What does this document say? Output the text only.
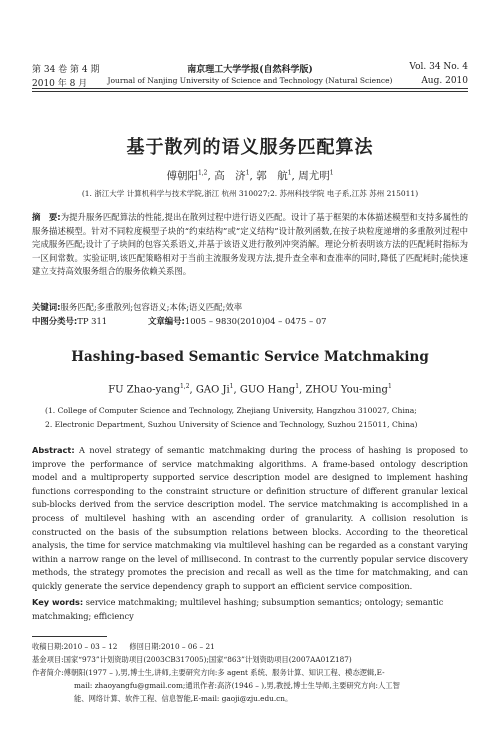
第 34 卷 第 4 期
2010 年 8 月
南京理工大学学报(自然科学版)
Journal of Nanjing University of Science and Technology (Natural Science)
Vol. 34 No. 4
Aug. 2010
基于散列的语义服务匹配算法
傅朝阳$^{1,2}$, 高　济$^1$, 郭　航$^1$, 周尤明$^1$
(1. 浙江大学 计算机科学与技术学院,浙江 杭州 310027;2. 苏州科技学院 电子系,江苏 苏州 215011)
摘　要:为提升服务匹配算法的性能,提出在散列过程中进行语义匹配。设计了基于框架的本体描述模型和支持多属性的服务描述模型。针对不同粒度模型子块的“约束结构”或“定义结构”设计散列函数,在按子块粒度递增的多重散列过程中完成服务匹配;设计了子块间的包容关系语义,并基于该语义进行散列冲突消解。理论分析表明该方法的匹配耗时指标为一区间常数。实验证明,该匹配策略相对于当前主流服务发现方法,提升查全率和查准率的同时,降低了匹配耗时;能快速建立支持高效服务组合的服务依赖关系图。
关键词:服务匹配;多重散列;包容语义;本体;语义匹配;效率
中图分类号:TP 311	文章编号:1005 – 9830(2010)04 – 0475 – 07
Hashing-based Semantic Service Matchmaking
FU Zhao-yang$^{1,2}$, GAO Ji$^1$, GUO Hang$^1$, ZHOU You-ming$^1$
(1. College of Computer Science and Technology, Zhejiang University, Hangzhou 310027, China;
2. Electronic Department, Suzhou University of Science and Technology, Suzhou 215011, China)
Abstract: A novel strategy of semantic matchmaking during the process of hashing is proposed to improve the performance of service matchmaking algorithms. A frame-based ontology description model and a multiproperty supported service description model are designed to implement hashing functions corresponding to the constraint structure or definition structure of different granular lexical sub-blocks derived from the service description model. The service matchmaking is accomplished in a process of multilevel hashing with an ascending order of granularity. A collision resolution is constructed on the basis of the subsumption relations between blocks. According to the theoretical analysis, the time for service matchmaking via multilevel hashing can be regarded as a constant varying within a narrow range on the level of millisecond. In contrast to the currently popular service discovery methods, the strategy promotes the precision and recall as well as the time for matchmaking, and can quickly generate the service dependency graph to support an efficient service composition.
Key words: service matchmaking; multilevel hashing; subsumption semantics; ontology; semantic matchmaking; efficiency
收稿日期:2010 – 03 – 12 修回日期:2010 – 06 – 21
基金项目:国家“973”计划资助项目(2003CB317005);国家“863”计划资助项目(2007AA01Z187)
作者简介:傅朝阳(1977 – ),男,博士生,讲师,主要研究方向:多 agent 系统、服务计算、知识工程、模态逻辑,E-
mail: zhaoyangfu@gmail.com;通讯作者:高济(1946 – ),男,教授,博士生导师,主要研究方向:人工智
能、网络计算、软件工程、信息智能,E-mail: gaoji@zju.edu.cn。
